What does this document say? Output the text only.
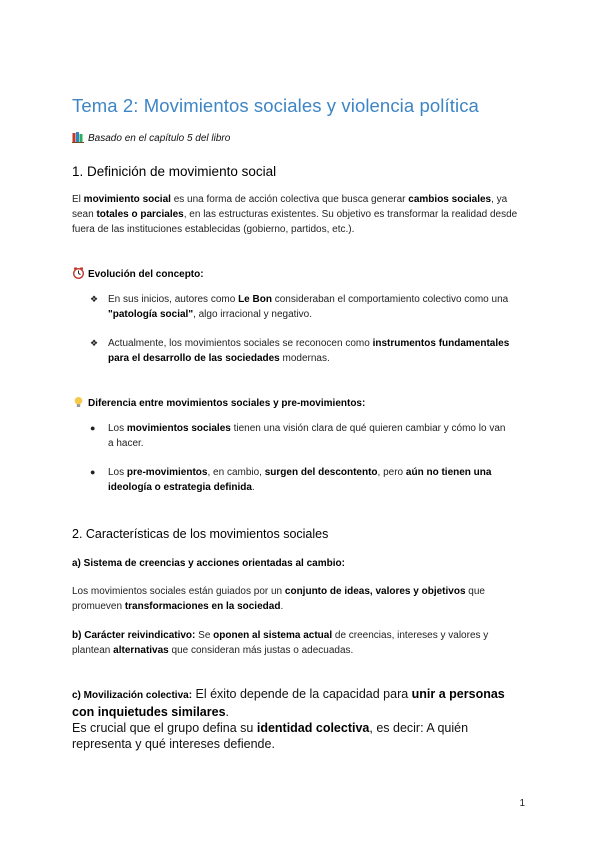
Tema 2: Movimientos sociales y violencia política
Basado en el capítulo 5 del libro
1. Definición de movimiento social
El movimiento social es una forma de acción colectiva que busca generar cambios sociales, ya sean totales o parciales, en las estructuras existentes. Su objetivo es transformar la realidad desde fuera de las instituciones establecidas (gobierno, partidos, etc.).
Evolución del concepto:
❖ En sus inicios, autores como Le Bon consideraban el comportamiento colectivo como una "patología social", algo irracional y negativo.
❖ Actualmente, los movimientos sociales se reconocen como instrumentos fundamentales para el desarrollo de las sociedades modernas.
Diferencia entre movimientos sociales y pre-movimientos:
●	Los movimientos sociales tienen una visión clara de qué quieren cambiar y cómo lo van a hacer.
●	Los pre-movimientos, en cambio, surgen del descontento, pero aún no tienen una ideología o estrategia definida.
2. Características de los movimientos sociales
a) Sistema de creencias y acciones orientadas al cambio:
Los movimientos sociales están guiados por un conjunto de ideas, valores y objetivos que promueven transformaciones en la sociedad.
b) Carácter reivindicativo: Se oponen al sistema actual de creencias, intereses y valores y plantean alternativas que consideran más justas o adecuadas.
c) Movilización colectiva: El éxito depende de la capacidad para unir a personas con inquietudes similares.
Es crucial que el grupo defina su identidad colectiva, es decir: A quién representa y qué intereses defiende.
1
